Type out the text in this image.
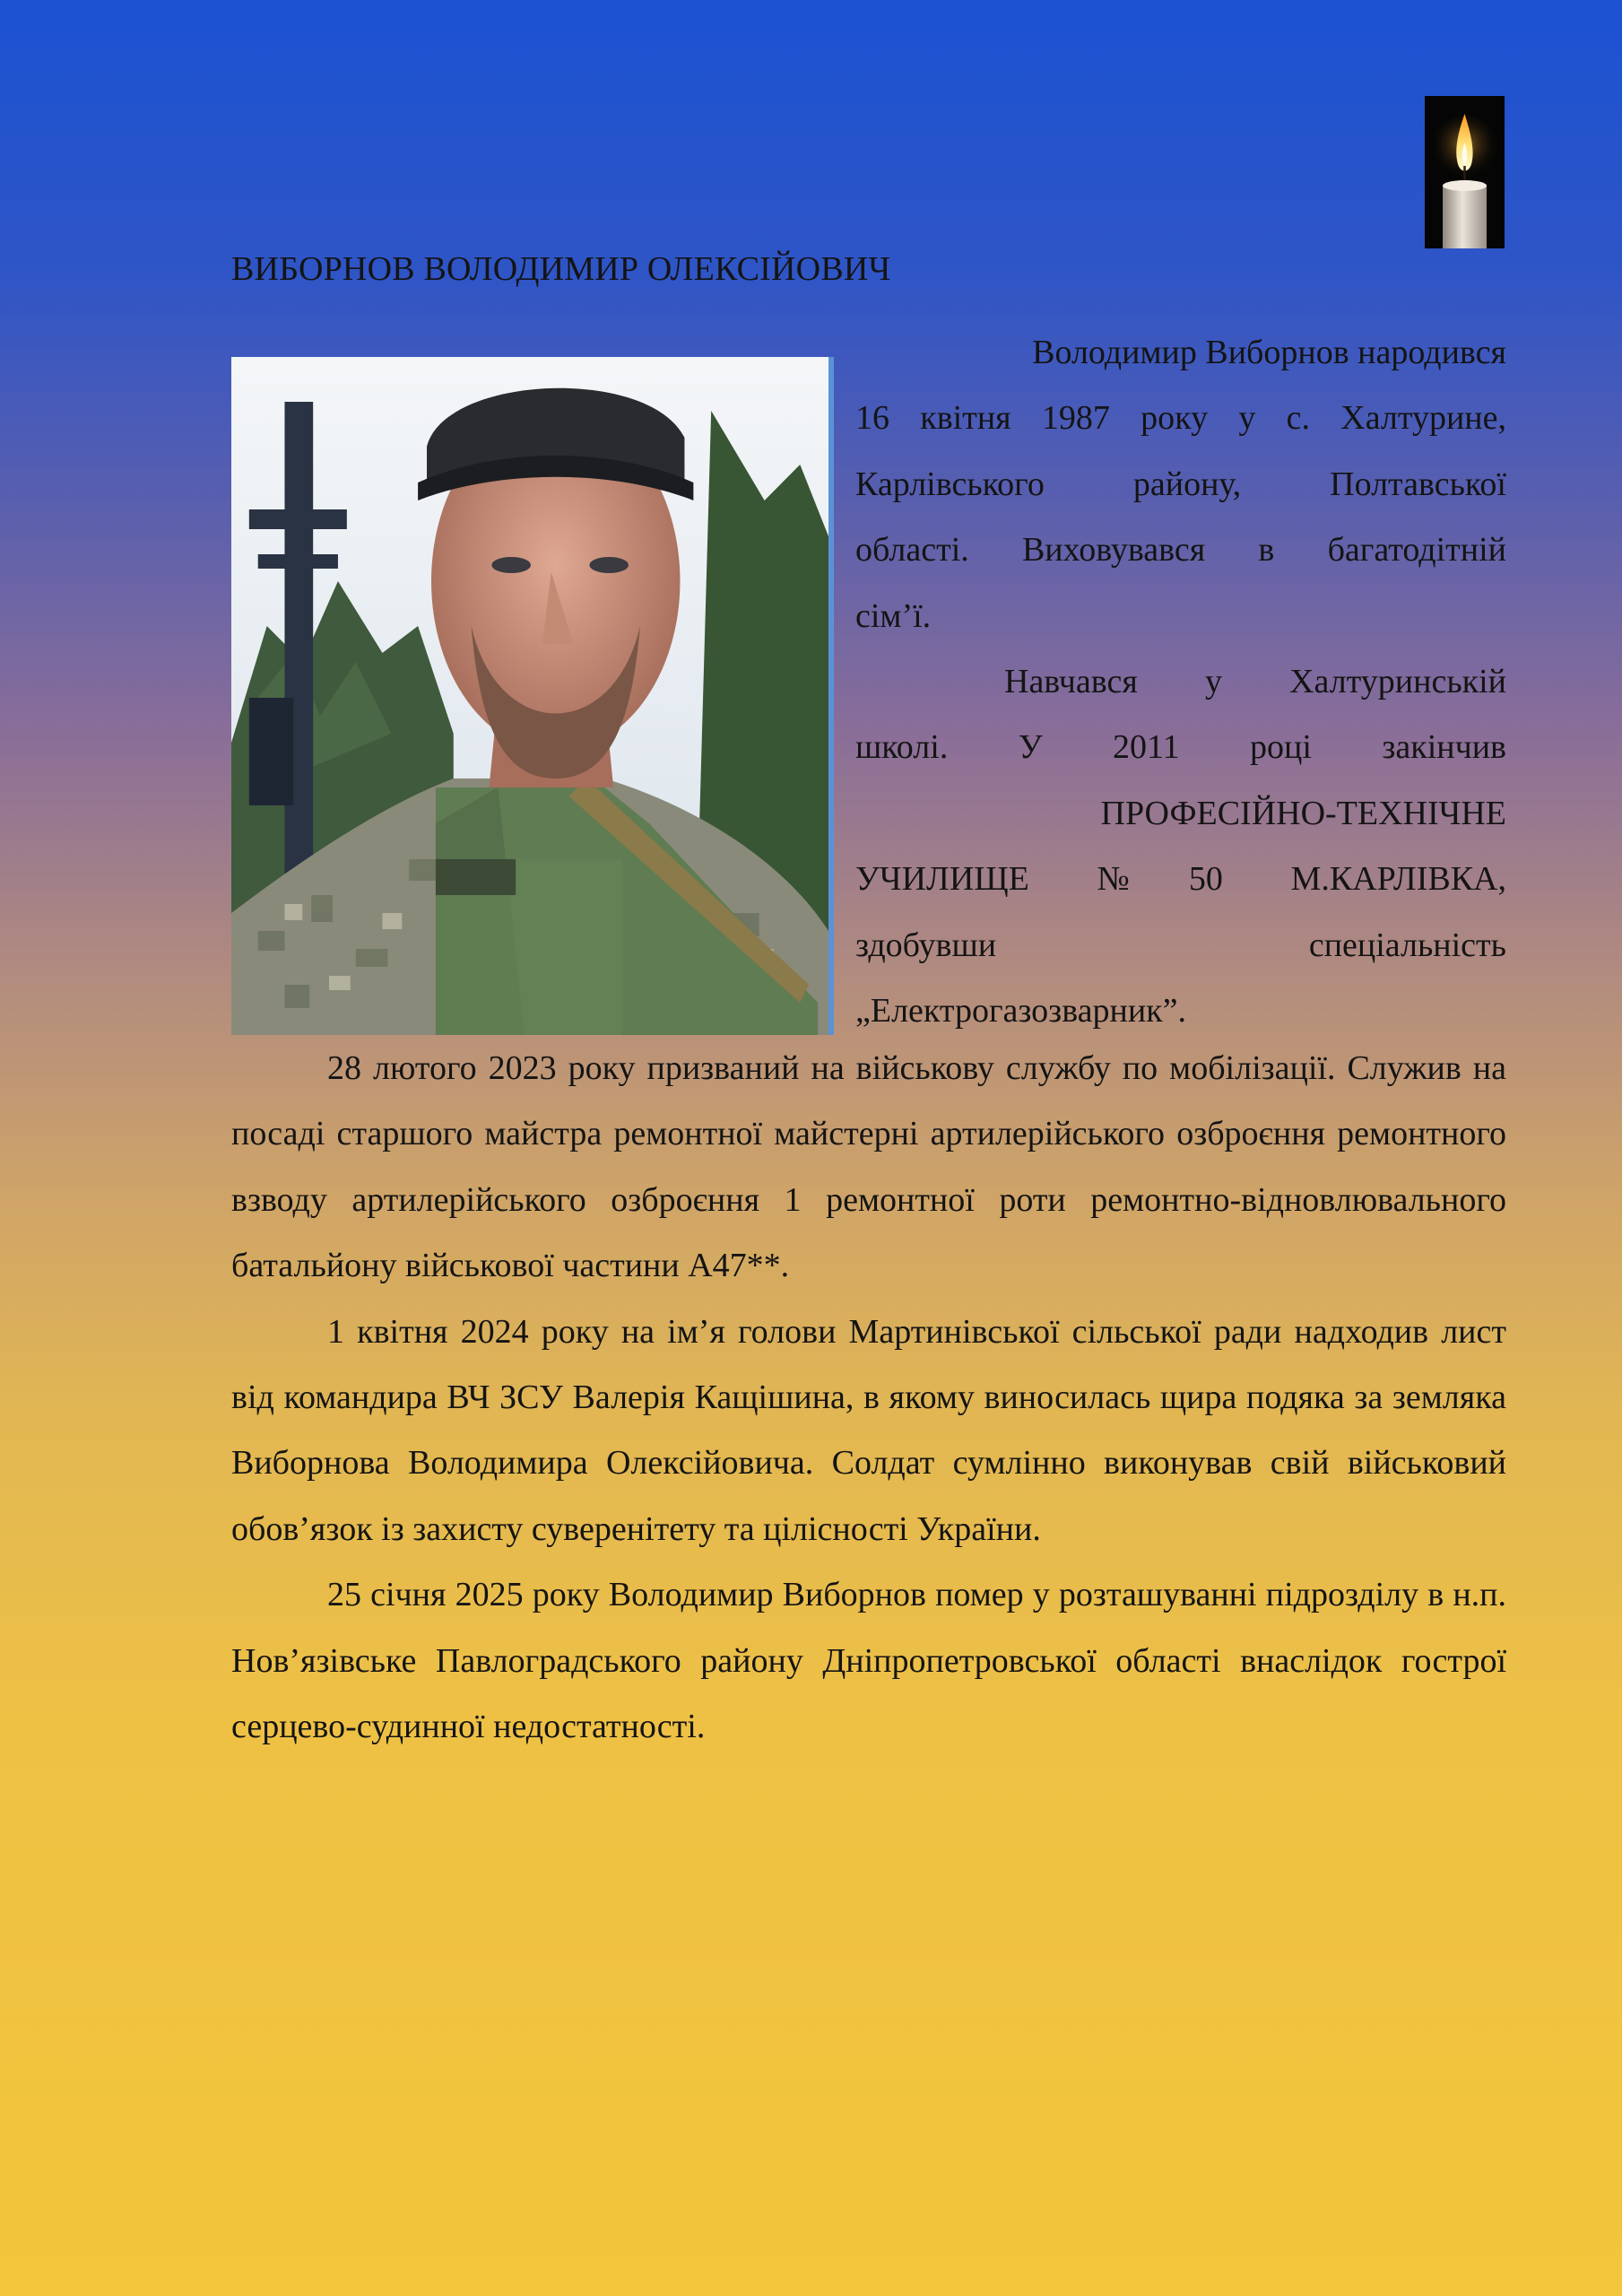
ВИБОРНОВ ВОЛОДИМИР ОЛЕКСІЙОВИЧ

Володимир Виборнов народився

16 квітня 1987 року у с. Халтурине,

Карлівського району, Полтавської

області. Виховувався в багатодітній

сім’ї.

Навчався у Халтуринській

школі. У 2011 році закінчив

ПРОФЕСІЙНО-ТЕХНІЧНЕ

УЧИЛИЩЕ №50 М.КАРЛІВКА,

здобувши спеціальність

„Електрогазозварник”.

28 лютого 2023 року призваний на військову службу по мобілізації. Служив на посаді старшого майстра ремонтної майстерні артилерійського озброєння ремонтного взводу артилерійського озброєння 1 ремонтної роти ремонтно-відновлювального батальйону військової частини А47**.

1 квітня 2024 року на ім’я голови Мартинівської сільської ради надходив лист від командира ВЧ ЗСУ Валерія Кащішина, в якому виносилась щира подяка за земляка Виборнова Володимира Олексійовича. Солдат сумлінно виконував свій військовий обов’язок із захисту суверенітету та цілісності України.

25 січня 2025 року Володимир Виборнов помер у розташуванні підрозділу в н.п. Нов’язівське Павлоградського району Дніпропетровської області внаслідок гострої серцево-судинної недостатності.
